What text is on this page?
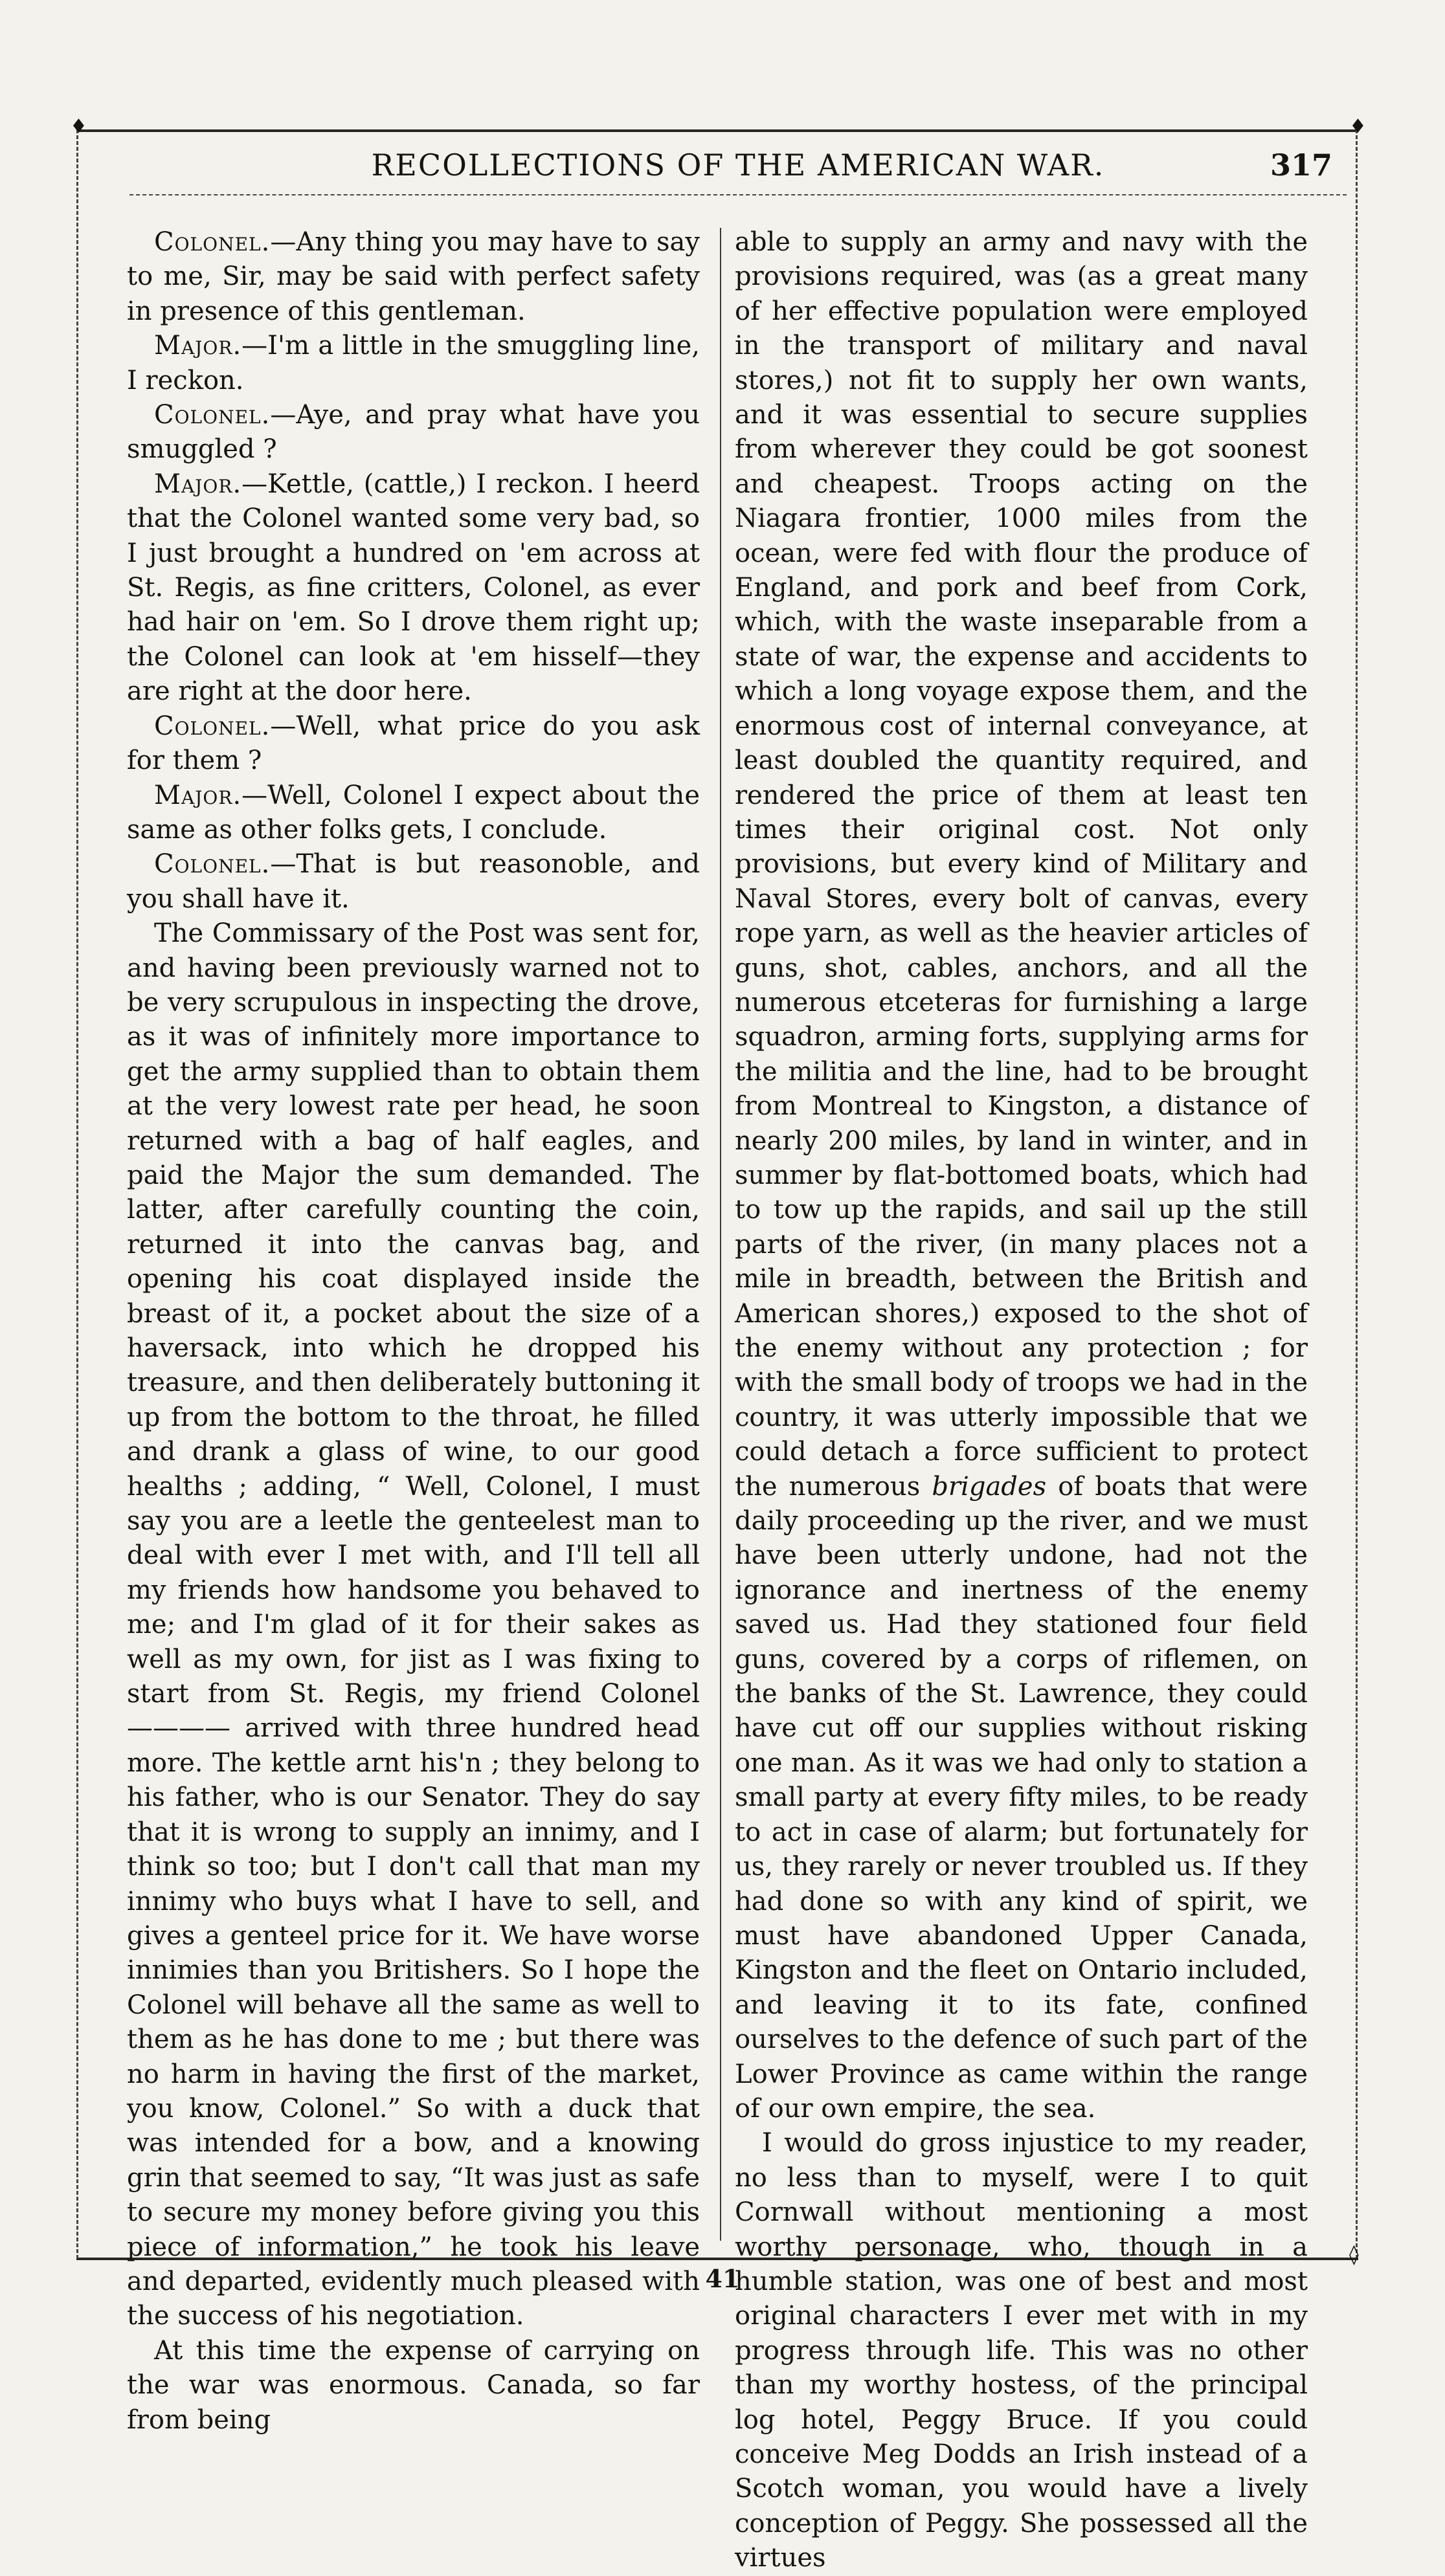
♦	♦
◊
RECOLLECTIONS OF THE AMERICAN WAR.	317

Colonel.—Any thing you may have to say to me, Sir, may be said with perfect safety in presence of this gentleman.

Major.—I'm a little in the smuggling line, I reckon.

Colonel.—Aye, and pray what have you smuggled ?

Major.—Kettle, (cattle,) I reckon. I heerd that the Colonel wanted some very bad, so I just brought a hundred on 'em across at St. Regis, as fine critters, Colonel, as ever had hair on 'em. So I drove them right up; the Colonel can look at 'em hisself—they are right at the door here.

Colonel.—Well, what price do you ask for them ?

Major.—Well, Colonel I expect about the same as other folks gets, I conclude.

Colonel.—That is but reasonoble, and you shall have it.

The Commissary of the Post was sent for, and having been previously warned not to be very scrupulous in inspecting the drove, as it was of infinitely more importance to get the army supplied than to obtain them at the very lowest rate per head, he soon returned with a bag of half eagles, and paid the Major the sum demanded. The latter, after carefully counting the coin, returned it into the canvas bag, and opening his coat displayed inside the breast of it, a pocket about the size of a haversack, into which he dropped his treasure, and then deliberately buttoning it up from the bottom to the throat, he filled and drank a glass of wine, to our good healths ; adding, “ Well, Colonel, I must say you are a leetle the genteelest man to deal with ever I met with, and I'll tell all my friends how handsome you behaved to me; and I'm glad of it for their sakes as well as my own, for jist as I was fixing to start from St. Regis, my friend Colonel———— arrived with three hundred head more. The kettle arnt his'n ; they belong to his father, who is our Senator. They do say that it is wrong to supply an innimy, and I think so too; but I don't call that man my innimy who buys what I have to sell, and gives a genteel price for it. We have worse innimies than you Britishers. So I hope the Colonel will behave all the same as well to them as he has done to me ; but there was no harm in having the first of the market, you know, Colonel.” So with a duck that was intended for a bow, and a knowing grin that seemed to say, “It was just as safe to secure my money before giving you this piece of information,” he took his leave and departed, evidently much pleased with the success of his negotiation.

At this time the expense of carrying on the war was enormous. Canada, so far from being

able to supply an army and navy with the provisions required, was (as a great many of her effective population were employed in the transport of military and naval stores,) not fit to supply her own wants, and it was essential to secure supplies from wherever they could be got soonest and cheapest. Troops acting on the Niagara frontier, 1000 miles from the ocean, were fed with flour the produce of England, and pork and beef from Cork, which, with the waste inseparable from a state of war, the expense and accidents to which a long voyage expose them, and the enormous cost of internal conveyance, at least doubled the quantity required, and rendered the price of them at least ten times their original cost. Not only provisions, but every kind of Military and Naval Stores, every bolt of canvas, every rope yarn, as well as the heavier articles of guns, shot, cables, anchors, and all the numerous etceteras for furnishing a large squadron, arming forts, supplying arms for the militia and the line, had to be brought from Montreal to Kingston, a distance of nearly 200 miles, by land in winter, and in summer by flat-bottomed boats, which had to tow up the rapids, and sail up the still parts of the river, (in many places not a mile in breadth, between the British and American shores,) exposed to the shot of the enemy without any protection ; for with the small body of troops we had in the country, it was utterly impossible that we could detach a force sufficient to protect the numerous brigades of boats that were daily proceeding up the river, and we must have been utterly undone, had not the ignorance and inertness of the enemy saved us. Had they stationed four field guns, covered by a corps of riflemen, on the banks of the St. Lawrence, they could have cut off our supplies without risking one man. As it was we had only to station a small party at every fifty miles, to be ready to act in case of alarm; but fortunately for us, they rarely or never troubled us. If they had done so with any kind of spirit, we must have abandoned Upper Canada, Kingston and the fleet on Ontario included, and leaving it to its fate, confined ourselves to the defence of such part of the Lower Province as came within the range of our own empire, the sea.

I would do gross injustice to my reader, no less than to myself, were I to quit Cornwall without mentioning a most worthy personage, who, though in a humble station, was one of best and most original characters I ever met with in my progress through life. This was no other than my worthy hostess, of the principal log hotel, Peggy Bruce. If you could conceive Meg Dodds an Irish instead of a Scotch woman, you would have a lively conception of Peggy. She possessed all the virtues

41
